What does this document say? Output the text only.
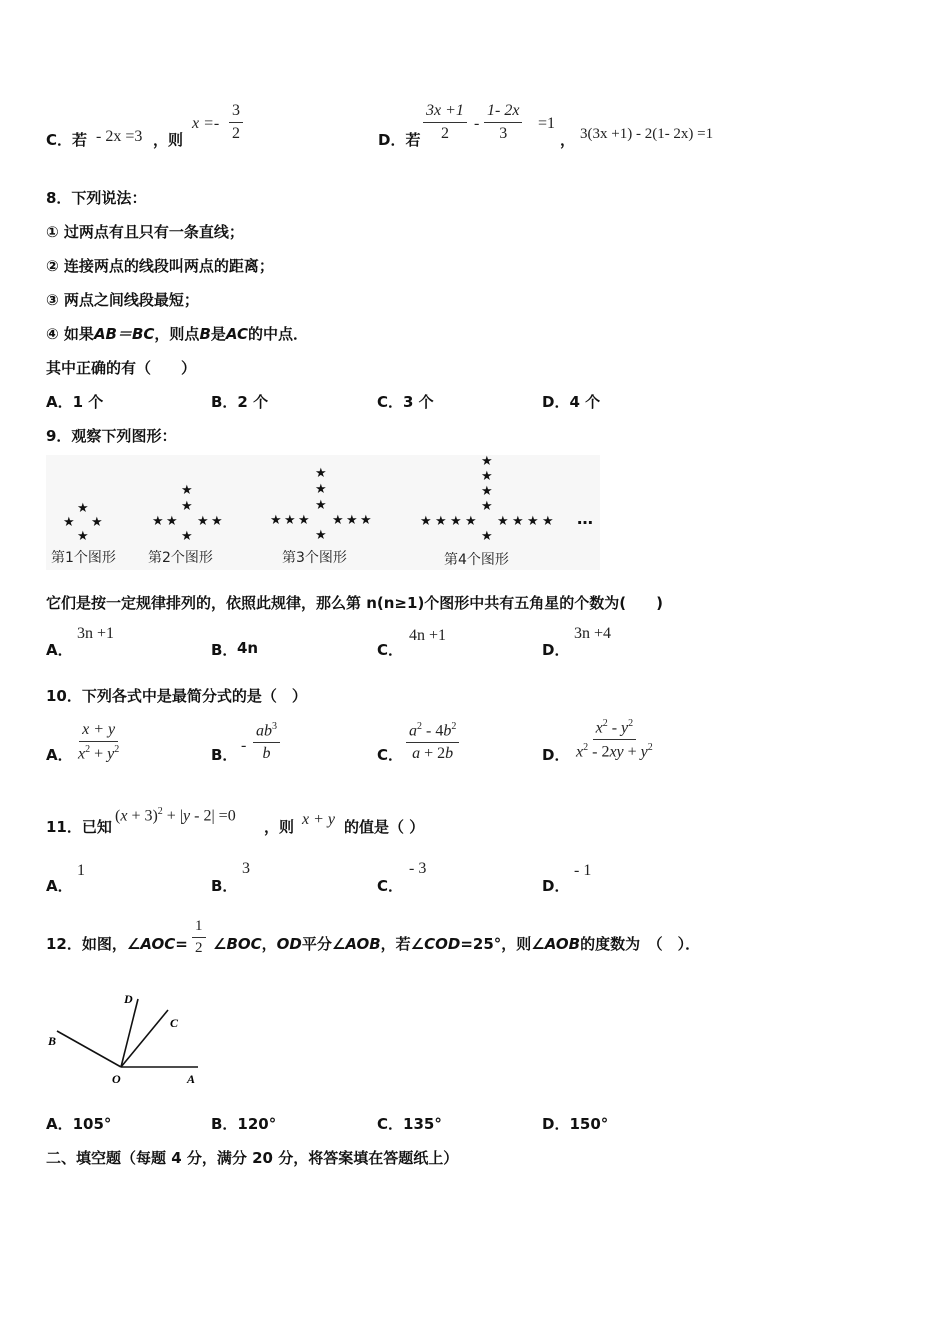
C．若 - 2x =3 ，则
$x =- \frac{3}{2}$	D．若 $\frac{3x +1}{2} - \frac{1- 2x}{3} =1$
， 3(3x +1) - 2(1- 2x) =1
8．下列说法：
① 过两点有且只有一条直线；
② 连接两点的线段叫两点的距离；
③ 两点之间线段最短；
④ 如果AB＝BC，则点B是AC的中点．
其中正确的有（　　）
A．1 个	B．2 个	C．3 个	D．4 个
9．观察下列图形：
★
★ ★
★
第1个图形
★
★
★ ★ ★ ★
★
第2个图形
★
★
★
★ ★ ★ ★ ★ ★
★
第3个图形
★
★
★
★
★ ★ ★ ★ ★ ★ ★ ★
★
第4个图形
…
它们是按一定规律排列的，依照此规律，那么第 n(n≥1)个图形中共有五角星的个数为(　　)
A．
3n +1
B． 4n	C．
4n +1
D．
3n +4
10．下列各式中是最简分式的是（　）
A． $\frac{x + y}{x^2 + y^2}$	B．
- $\frac{ab^3}{b}$	C． $\frac{a^2 - 4b^2}{a + 2b}$	D． $\frac{x^2 - y^2}{x^2 - 2xy + y^2}$
11．已知
$(x + 3)^2 + |y - 2| =0$
，则 x + y 的值是（ ）
A．
1
B．
3
C．
- 3
D．
- 1
12．如图，∠AOC= $\frac{1}{2}$ ∠BOC，OD平分∠AOB，若∠COD=25°，则∠AOB的度数为　（　）．
D
C
B
O	A
A．105°	B．120°	C．135°	D．150°
二、填空题（每题 4 分，满分 20 分，将答案填在答题纸上）
